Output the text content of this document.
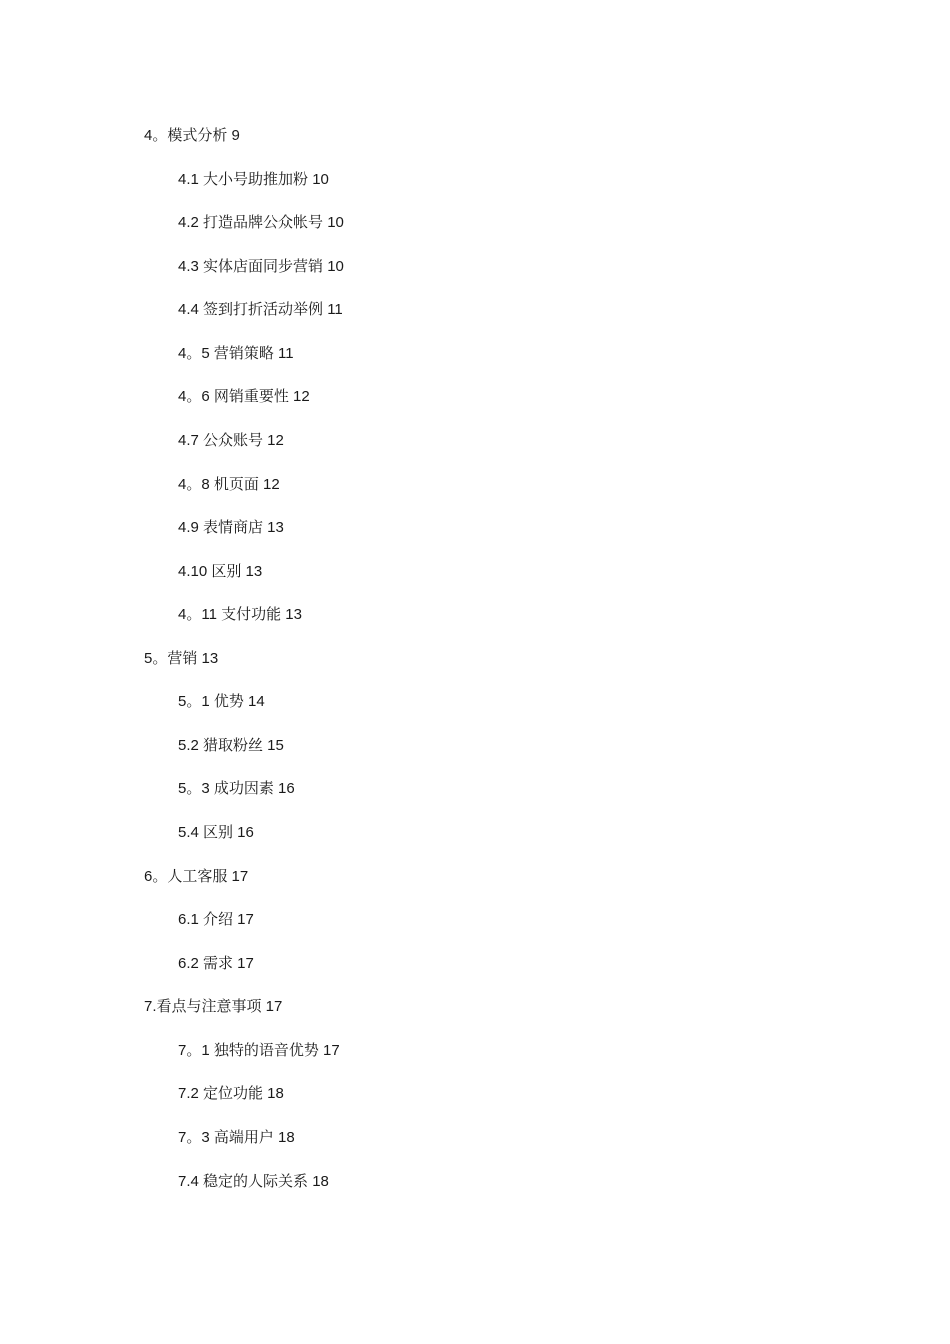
4。模式分析 9
4.1 大小号助推加粉 10
4.2 打造品牌公众帐号 10
4.3 实体店面同步营销 10
4.4 签到打折活动举例 11
4。5 营销策略 11
4。6 网销重要性 12
4.7 公众账号 12
4。8 机页面 12
4.9 表情商店 13
4.10 区别 13
4。11 支付功能 13
5。营销 13
5。1 优势 14
5.2 猎取粉丝 15
5。3 成功因素 16
5.4 区别 16
6。人工客服 17
6.1 介绍 17
6.2 需求 17
7.看点与注意事项 17
7。1 独特的语音优势 17
7.2 定位功能 18
7。3 高端用户 18
7.4 稳定的人际关系 18
